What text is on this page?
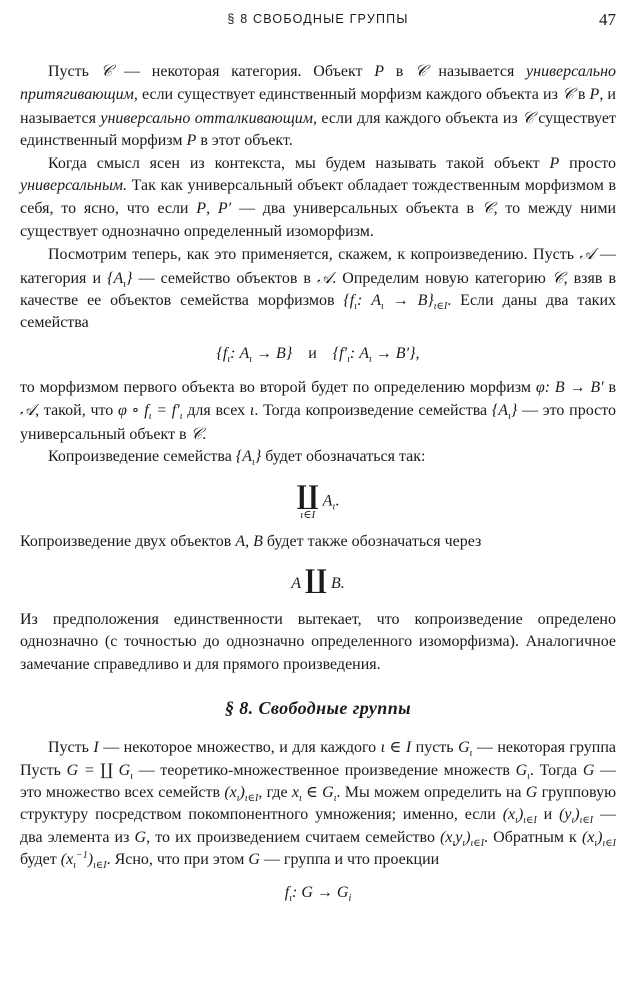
§ 8 СВОБОДНЫЕ ГРУППЫ	47

Пусть 𝒞 — некоторая категория. Объект P в 𝒞 называется универсально притягивающим, если существует единственный морфизм каждого объекта из 𝒞 в P, и называется универсально отталкивающим, если для каждого объекта из 𝒞 существует единственный морфизм P в этот объект.

Когда смысл ясен из контекста, мы будем называть такой объект P просто универсальным. Так как универсальный объект обладает тождественным морфизмом в себя, то ясно, что если P, P′ — два универсальных объекта в 𝒞, то между ними существует однозначно определенный изоморфизм.

Посмотрим теперь, как это применяется, скажем, к копроизведению. Пусть 𝒜 — категория и $\{A_\iota\}$ — семейство объектов в 𝒜. Определим новую категорию 𝒞, взяв в качестве ее объектов семейства морфизмов {$f_\iota$: $A_\iota \to B\}_{\iota\in I}$. Если даны два таких семейства

{$f_\iota$: $A_\iota \to B$} и {$f'_\iota$: $A_\iota \to B'$},

то морфизмом первого объекта во второй будет по определению морфизм φ: B → B′ в 𝒜, такой, что φ ∘ $f_\iota = f'_\iota$ для всех ι. Тогда копроизведение семейства $\{A_\iota\}$ — это просто универсальный объект в 𝒞.

Копроизведение семейства $\{A_\iota\}$ будет обозначаться так:

∐
ι∈I
$A_\iota$.

Копроизведение двух объектов A, B будет также обозначаться через

A ∐ B.

Из предположения единственности вытекает, что копроизведение определено однозначно (с точностью до однозначно определенного изоморфизма). Аналогичное замечание справедливо и для прямого произведения.

§ 8. Свободные группы

Пусть I — некоторое множество, и для каждого ι ∈ I пусть $G_\iota$ — некоторая группа Пусть G = ∐ $G_\iota$ — теоретико-множественное произведение множеств $G_\iota$. Тогда G — это множество всех семейств $(x_\iota)_{\iota\in I}$, где $x_\iota$ ∈ $G_\iota$. Мы можем определить на G групповую структуру посредством покомпонентного умножения; именно, если $(x_\iota)_{\iota\in I}$ и $(y_\iota)_{\iota\in I}$ — два элемента из G, то их произведением считаем семейство $(x_\iota y_\iota)_{\iota\in I}$. Обратным к $(x_\iota)_{\iota\in I}$ будет $(x_\iota^{-1})_{\iota\in I}$. Ясно, что при этом G — группа и что проекции

$f_\iota$: $G \to G_i$
